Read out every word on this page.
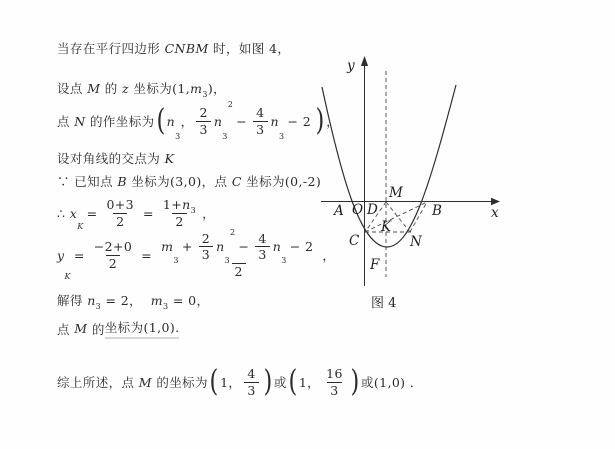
当存在平行四边形 CNBM 时，如图 4，
设点 M 的 z 坐标为(1, m 3 )，
点 N 的作坐标为 ( n
3
， $\frac{2}{3}$ n
3
2
− $\frac{4}{3}$ n
3
− 2 ) ，
设对角线的交点为 K
∵ 已知点 B 坐标为(3,0)，点 C 坐标为(0,-2)
∴ x
K
= $\frac{0+3}{2} = \frac{1+ n 3}{2}$ ，
y
K
= $\frac{-2+0}{2}$ =
m
3
+ $\frac{2}{3}$ n
3
2
− $\frac{4}{3}$ n
3
− 2
2
，
解得 n 3 = 2， m 3 = 0，
点 M 的 坐标为(1,0).
综上所述，点 M 的坐标为 ( 1， $\frac{4}{3}$ ) 或 ( 1， $\frac{16}{3}$ ) 或(1,0) ．
y
x
A O D
M
B
C
K
N
F
图 4
